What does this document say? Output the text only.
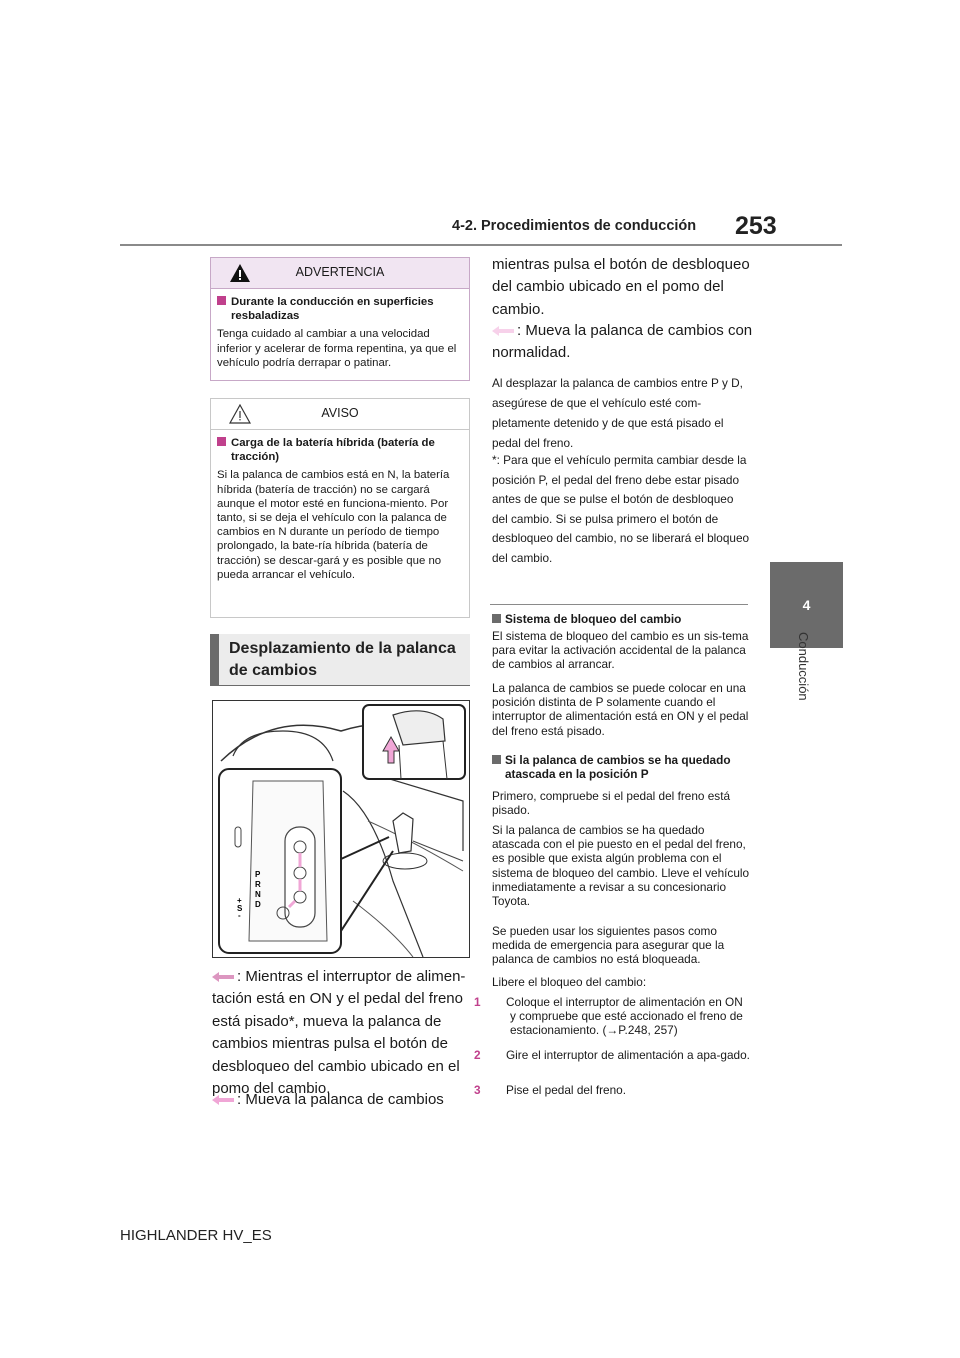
4-2. Procedimientos de conducción 253
4
Conducción
ADVERTENCIA

Durante la conducción en superficies resbaladizas

Tenga cuidado al cambiar a una velocidad inferior y acelerar de forma repentina, ya que el vehículo podría derrapar o patinar.

AVISO

Carga de la batería híbrida (batería de tracción)

Si la palanca de cambios está en N, la batería híbrida (batería de tracción) no se cargará aunque el motor esté en funciona-miento. Por tanto, si se deja el vehículo con la palanca de cambios en N durante un período de tiempo prolongado, la bate-ría híbrida (batería de tracción) se descar-gará y es posible que no pueda arrancar el vehículo.

Desplazamiento de la palanca de cambios
P
R
N
D
+
S
-
: Mientras el interruptor de alimen-tación está en ON y el pedal del freno está pisado*, mueva la palanca de cambios mientras pulsa el botón de desbloqueo del cambio ubicado en el pomo del cambio.
: Mueva la palanca de cambios
mientras pulsa el botón de desbloqueo del cambio ubicado en el pomo del cambio.
: Mueva la palanca de cambios con normalidad.
Al desplazar la palanca de cambios entre P y D, asegúrese de que el vehículo esté com-pletamente detenido y de que está pisado el pedal del freno.
*: Para que el vehículo permita cambiar desde la posición P, el pedal del freno debe estar pisado antes de que se pulse el botón de desbloqueo del cambio. Si se pulsa primero el botón de desbloqueo del cambio, no se liberará el bloqueo del cambio.
Sistema de bloqueo del cambio
El sistema de bloqueo del cambio es un sis-tema para evitar la activación accidental de la palanca de cambios al arrancar.
La palanca de cambios se puede colocar en una posición distinta de P solamente cuando el interruptor de alimentación está en ON y el pedal del freno está pisado.
Si la palanca de cambios se ha quedado atascada en la posición P
Primero, compruebe si el pedal del freno está pisado.
Si la palanca de cambios se ha quedado atascada con el pie puesto en el pedal del freno, es posible que exista algún problema con el sistema de bloqueo del cambio. Lleve el vehículo inmediatamente a revisar a su concesionario Toyota.
Se pueden usar los siguientes pasos como medida de emergencia para asegurar que la palanca de cambios no está bloqueada.
Libere el bloqueo del cambio:
1 Coloque el interruptor de alimentación en ON y compruebe que esté accionado el freno de estacionamiento. (→P.248, 257)
2 Gire el interruptor de alimentación a apa-gado.
3 Pise el pedal del freno.
HIGHLANDER HV_ES
